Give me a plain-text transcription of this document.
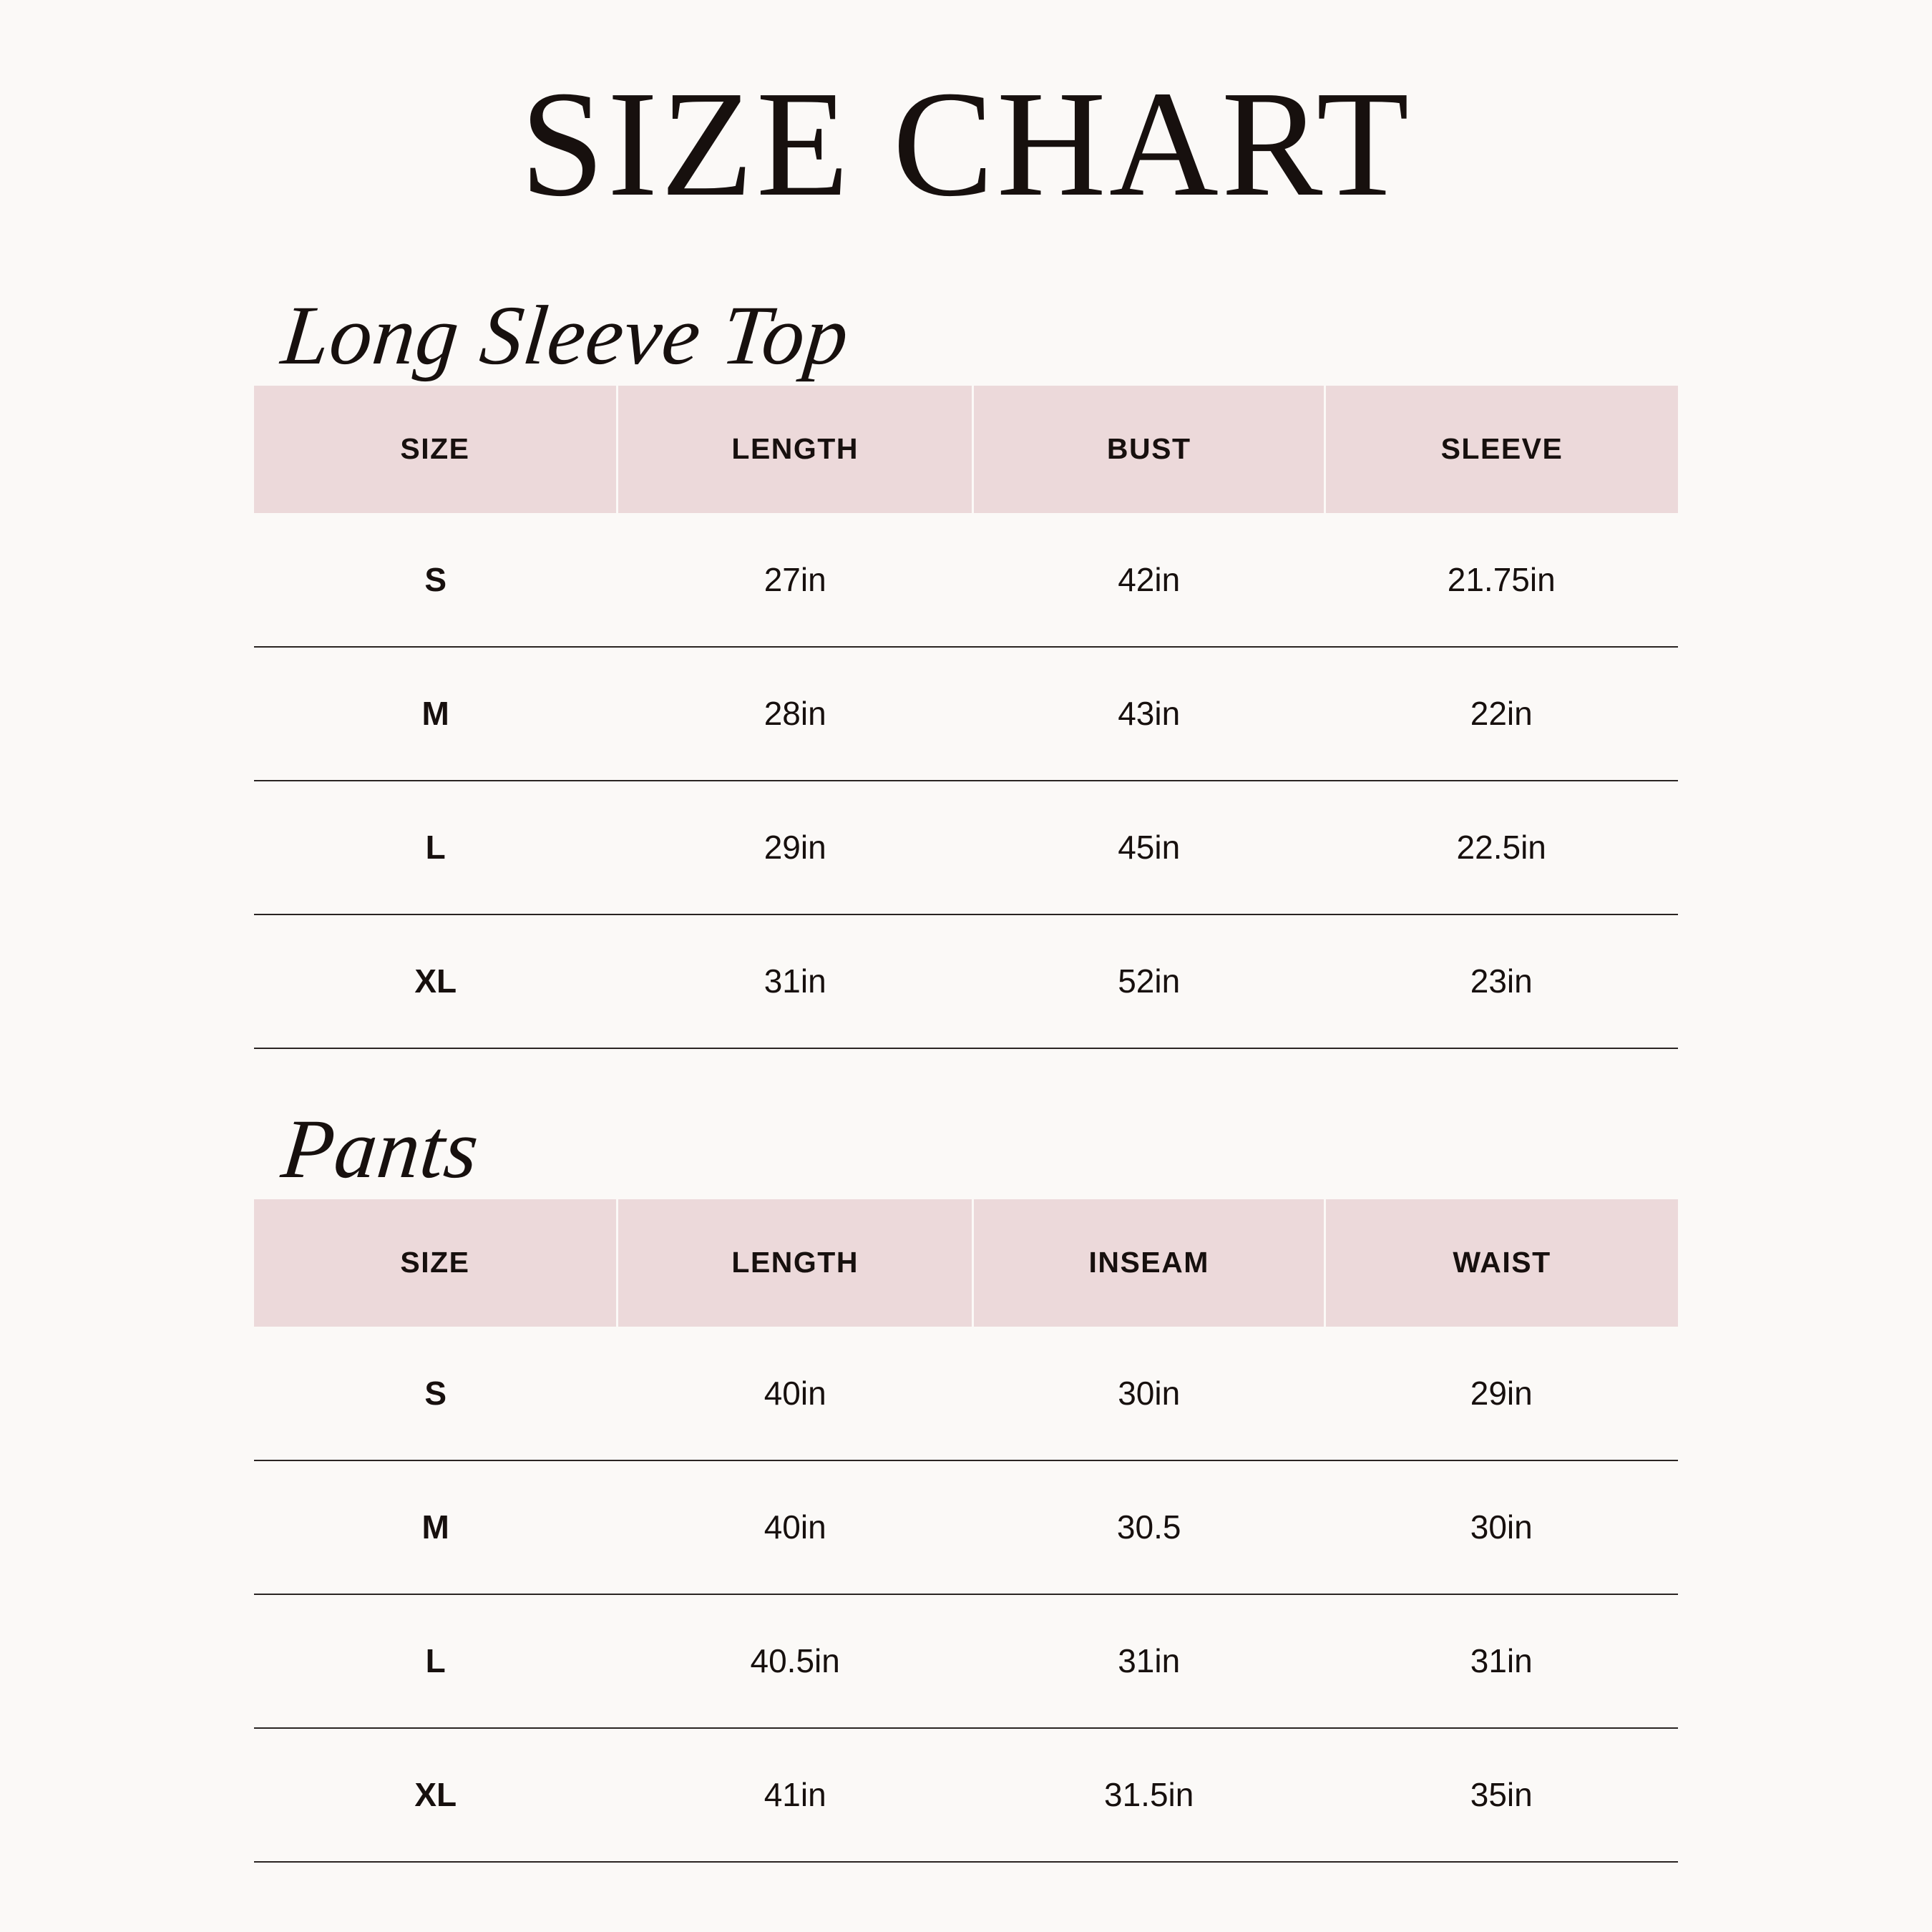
SIZE CHART
Long Sleeve Top
SIZE	LENGTH	BUST	SLEEVE
S	27in	42in	21.75in
M	28in	43in	22in
L	29in	45in	22.5in
XL	31in	52in	23in
Pants
SIZE	LENGTH	INSEAM	WAIST
S	40in	30in	29in
M	40in	30.5	30in
L	40.5in	31in	31in
XL	41in	31.5in	35in
